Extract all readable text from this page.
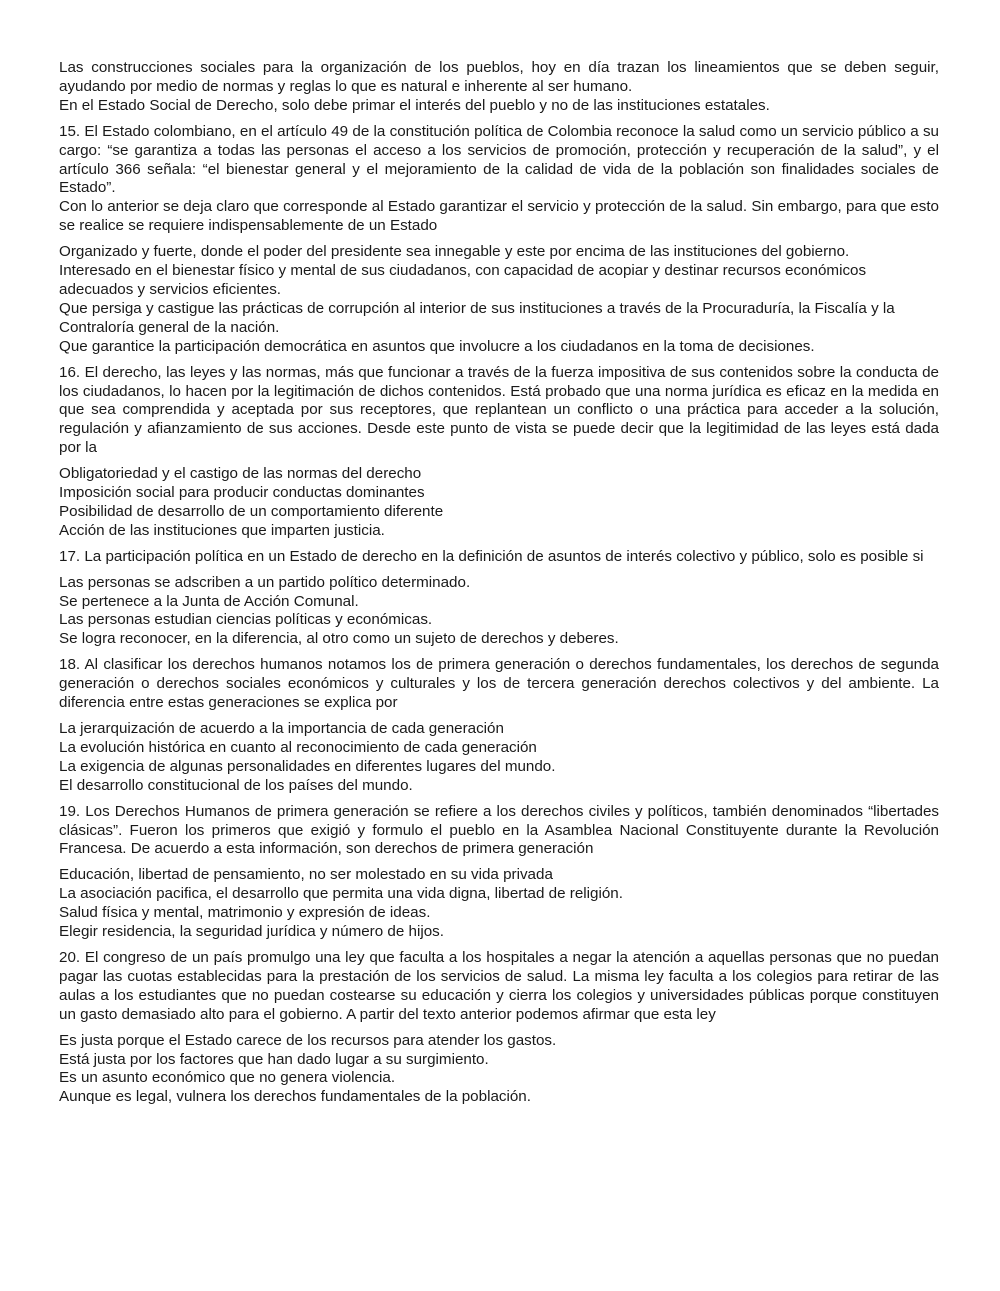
Las construcciones sociales para la organización de los pueblos, hoy en día trazan los lineamientos que se deben seguir, ayudando por medio de normas y reglas lo que es natural e inherente al ser humano.

En el Estado Social de Derecho, solo debe primar el interés del pueblo y no de las instituciones estatales.

15. El Estado colombiano, en el artículo 49 de la constitución política de Colombia reconoce la salud como un servicio público a su cargo: “se garantiza a todas las personas el acceso a los servicios de promoción, protección y recuperación de la salud”, y el artículo 366 señala: “el bienestar general y el mejoramiento de la calidad de vida de la población son finalidades sociales de Estado”.

Con lo anterior se deja claro que corresponde al Estado garantizar el servicio y protección de la salud. Sin embargo, para que esto se realice se requiere indispensablemente de un Estado

Organizado y fuerte, donde el poder del presidente sea innegable y este por encima de las instituciones del gobierno.

Interesado en el bienestar físico y mental de sus ciudadanos, con capacidad de acopiar y destinar recursos económicos adecuados y servicios eficientes.

Que persiga y castigue las prácticas de corrupción al interior de sus instituciones a través de la Procuraduría, la Fiscalía y la Contraloría general de la nación.

Que garantice la participación democrática en asuntos que involucre a los ciudadanos en la toma de decisiones.

16. El derecho, las leyes y las normas, más que funcionar a través de la fuerza impositiva de sus contenidos sobre la conducta de los ciudadanos, lo hacen por la legitimación de dichos contenidos. Está probado que una norma jurídica es eficaz en la medida en que sea comprendida y aceptada por sus receptores, que replantean un conflicto o una práctica para acceder a la solución, regulación y afianzamiento de sus acciones. Desde este punto de vista se puede decir que la legitimidad de las leyes está dada por la

Obligatoriedad y el castigo de las normas del derecho

Imposición social para producir conductas dominantes

Posibilidad de desarrollo de un comportamiento diferente

Acción de las instituciones que imparten justicia.

17. La participación política en un Estado de derecho en la definición de asuntos de interés colectivo y público, solo es posible si

Las personas se adscriben a un partido político determinado.

Se pertenece a la Junta de Acción Comunal.

Las personas estudian ciencias políticas y económicas.

Se logra reconocer, en la diferencia, al otro como un sujeto de derechos y deberes.

18. Al clasificar los derechos humanos notamos los de primera generación o derechos fundamentales, los derechos de segunda generación o derechos sociales económicos y culturales y los de tercera generación derechos colectivos y del ambiente. La diferencia entre estas generaciones se explica por

La jerarquización de acuerdo a la importancia de cada generación

La evolución histórica en cuanto al reconocimiento de cada generación

La exigencia de algunas personalidades en diferentes lugares del mundo.

El desarrollo constitucional de los países del mundo.

19. Los Derechos Humanos de primera generación se refiere a los derechos civiles y políticos, también denominados “libertades clásicas”. Fueron los primeros que exigió y formulo el pueblo en la Asamblea Nacional Constituyente durante la Revolución Francesa. De acuerdo a esta información, son derechos de primera generación

Educación, libertad de pensamiento, no ser molestado en su vida privada

La asociación pacifica, el desarrollo que permita una vida digna, libertad de religión.

Salud física y mental, matrimonio y expresión de ideas.

Elegir residencia, la seguridad jurídica y número de hijos.

20. El congreso de un país promulgo una ley que faculta a los hospitales a negar la atención a aquellas personas que no puedan pagar las cuotas establecidas para la prestación de los servicios de salud. La misma ley faculta a los colegios para retirar de las aulas a los estudiantes que no puedan costearse su educación y cierra los colegios y universidades públicas porque constituyen un gasto demasiado alto para el gobierno. A partir del texto anterior podemos afirmar que esta ley

Es justa porque el Estado carece de los recursos para atender los gastos.

Está justa por los factores que han dado lugar a su surgimiento.

Es un asunto económico que no genera violencia.

Aunque es legal, vulnera los derechos fundamentales de la población.
